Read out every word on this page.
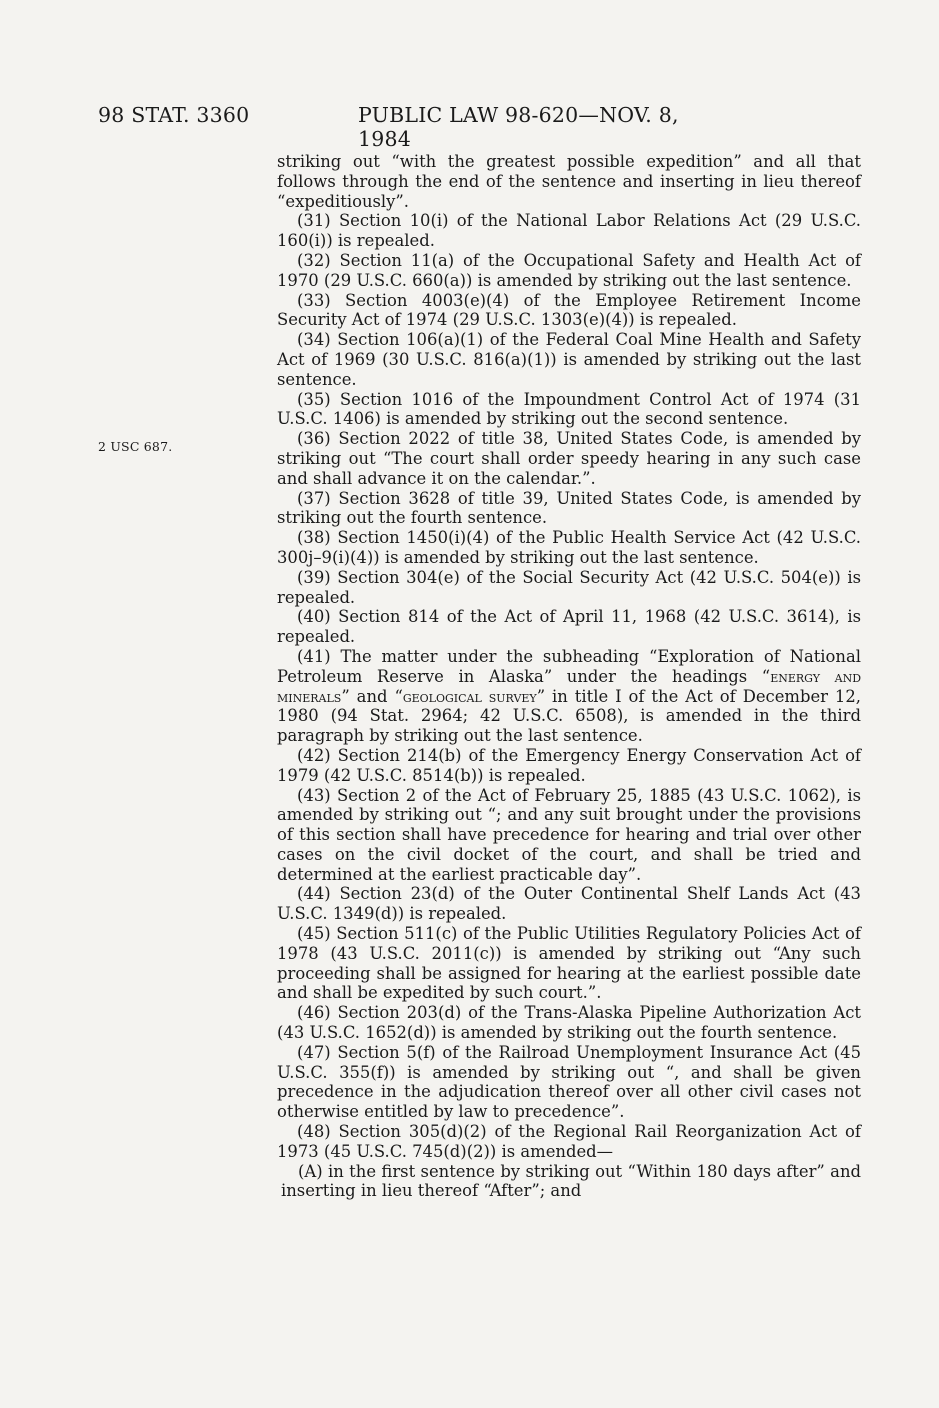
98 STAT. 3360	PUBLIC LAW 98-620—NOV. 8, 1984
2 USC 687.

striking out “with the greatest possible expedition” and all that follows through the end of the sentence and inserting in lieu thereof “expeditiously”.

(31) Section 10(i) of the National Labor Relations Act (29 U.S.C. 160(i)) is repealed.

(32) Section 11(a) of the Occupational Safety and Health Act of 1970 (29 U.S.C. 660(a)) is amended by striking out the last sentence.

(33) Section 4003(e)(4) of the Employee Retirement Income Security Act of 1974 (29 U.S.C. 1303(e)(4)) is repealed.

(34) Section 106(a)(1) of the Federal Coal Mine Health and Safety Act of 1969 (30 U.S.C. 816(a)(1)) is amended by striking out the last sentence.

(35) Section 1016 of the Impoundment Control Act of 1974 (31 U.S.C. 1406) is amended by striking out the second sentence.

(36) Section 2022 of title 38, United States Code, is amended by striking out “The court shall order speedy hearing in any such case and shall advance it on the calendar.”.

(37) Section 3628 of title 39, United States Code, is amended by striking out the fourth sentence.

(38) Section 1450(i)(4) of the Public Health Service Act (42 U.S.C. 300j–9(i)(4)) is amended by striking out the last sentence.

(39) Section 304(e) of the Social Security Act (42 U.S.C. 504(e)) is repealed.

(40) Section 814 of the Act of April 11, 1968 (42 U.S.C. 3614), is repealed.

(41) The matter under the subheading “Exploration of National Petroleum Reserve in Alaska” under the headings “energy and minerals” and “geological survey” in title I of the Act of December 12, 1980 (94 Stat. 2964; 42 U.S.C. 6508), is amended in the third paragraph by striking out the last sentence.

(42) Section 214(b) of the Emergency Energy Conservation Act of 1979 (42 U.S.C. 8514(b)) is repealed.

(43) Section 2 of the Act of February 25, 1885 (43 U.S.C. 1062), is amended by striking out “; and any suit brought under the provisions of this section shall have precedence for hearing and trial over other cases on the civil docket of the court, and shall be tried and determined at the earliest practicable day”.

(44) Section 23(d) of the Outer Continental Shelf Lands Act (43 U.S.C. 1349(d)) is repealed.

(45) Section 511(c) of the Public Utilities Regulatory Policies Act of 1978 (43 U.S.C. 2011(c)) is amended by striking out “Any such proceeding shall be assigned for hearing at the earliest possible date and shall be expedited by such court.”.

(46) Section 203(d) of the Trans-Alaska Pipeline Authorization Act (43 U.S.C. 1652(d)) is amended by striking out the fourth sentence.

(47) Section 5(f) of the Railroad Unemployment Insurance Act (45 U.S.C. 355(f)) is amended by striking out “, and shall be given precedence in the adjudication thereof over all other civil cases not otherwise entitled by law to precedence”.

(48) Section 305(d)(2) of the Regional Rail Reorganization Act of 1973 (45 U.S.C. 745(d)(2)) is amended—

(A) in the first sentence by striking out “Within 180 days after” and inserting in lieu thereof “After”; and
